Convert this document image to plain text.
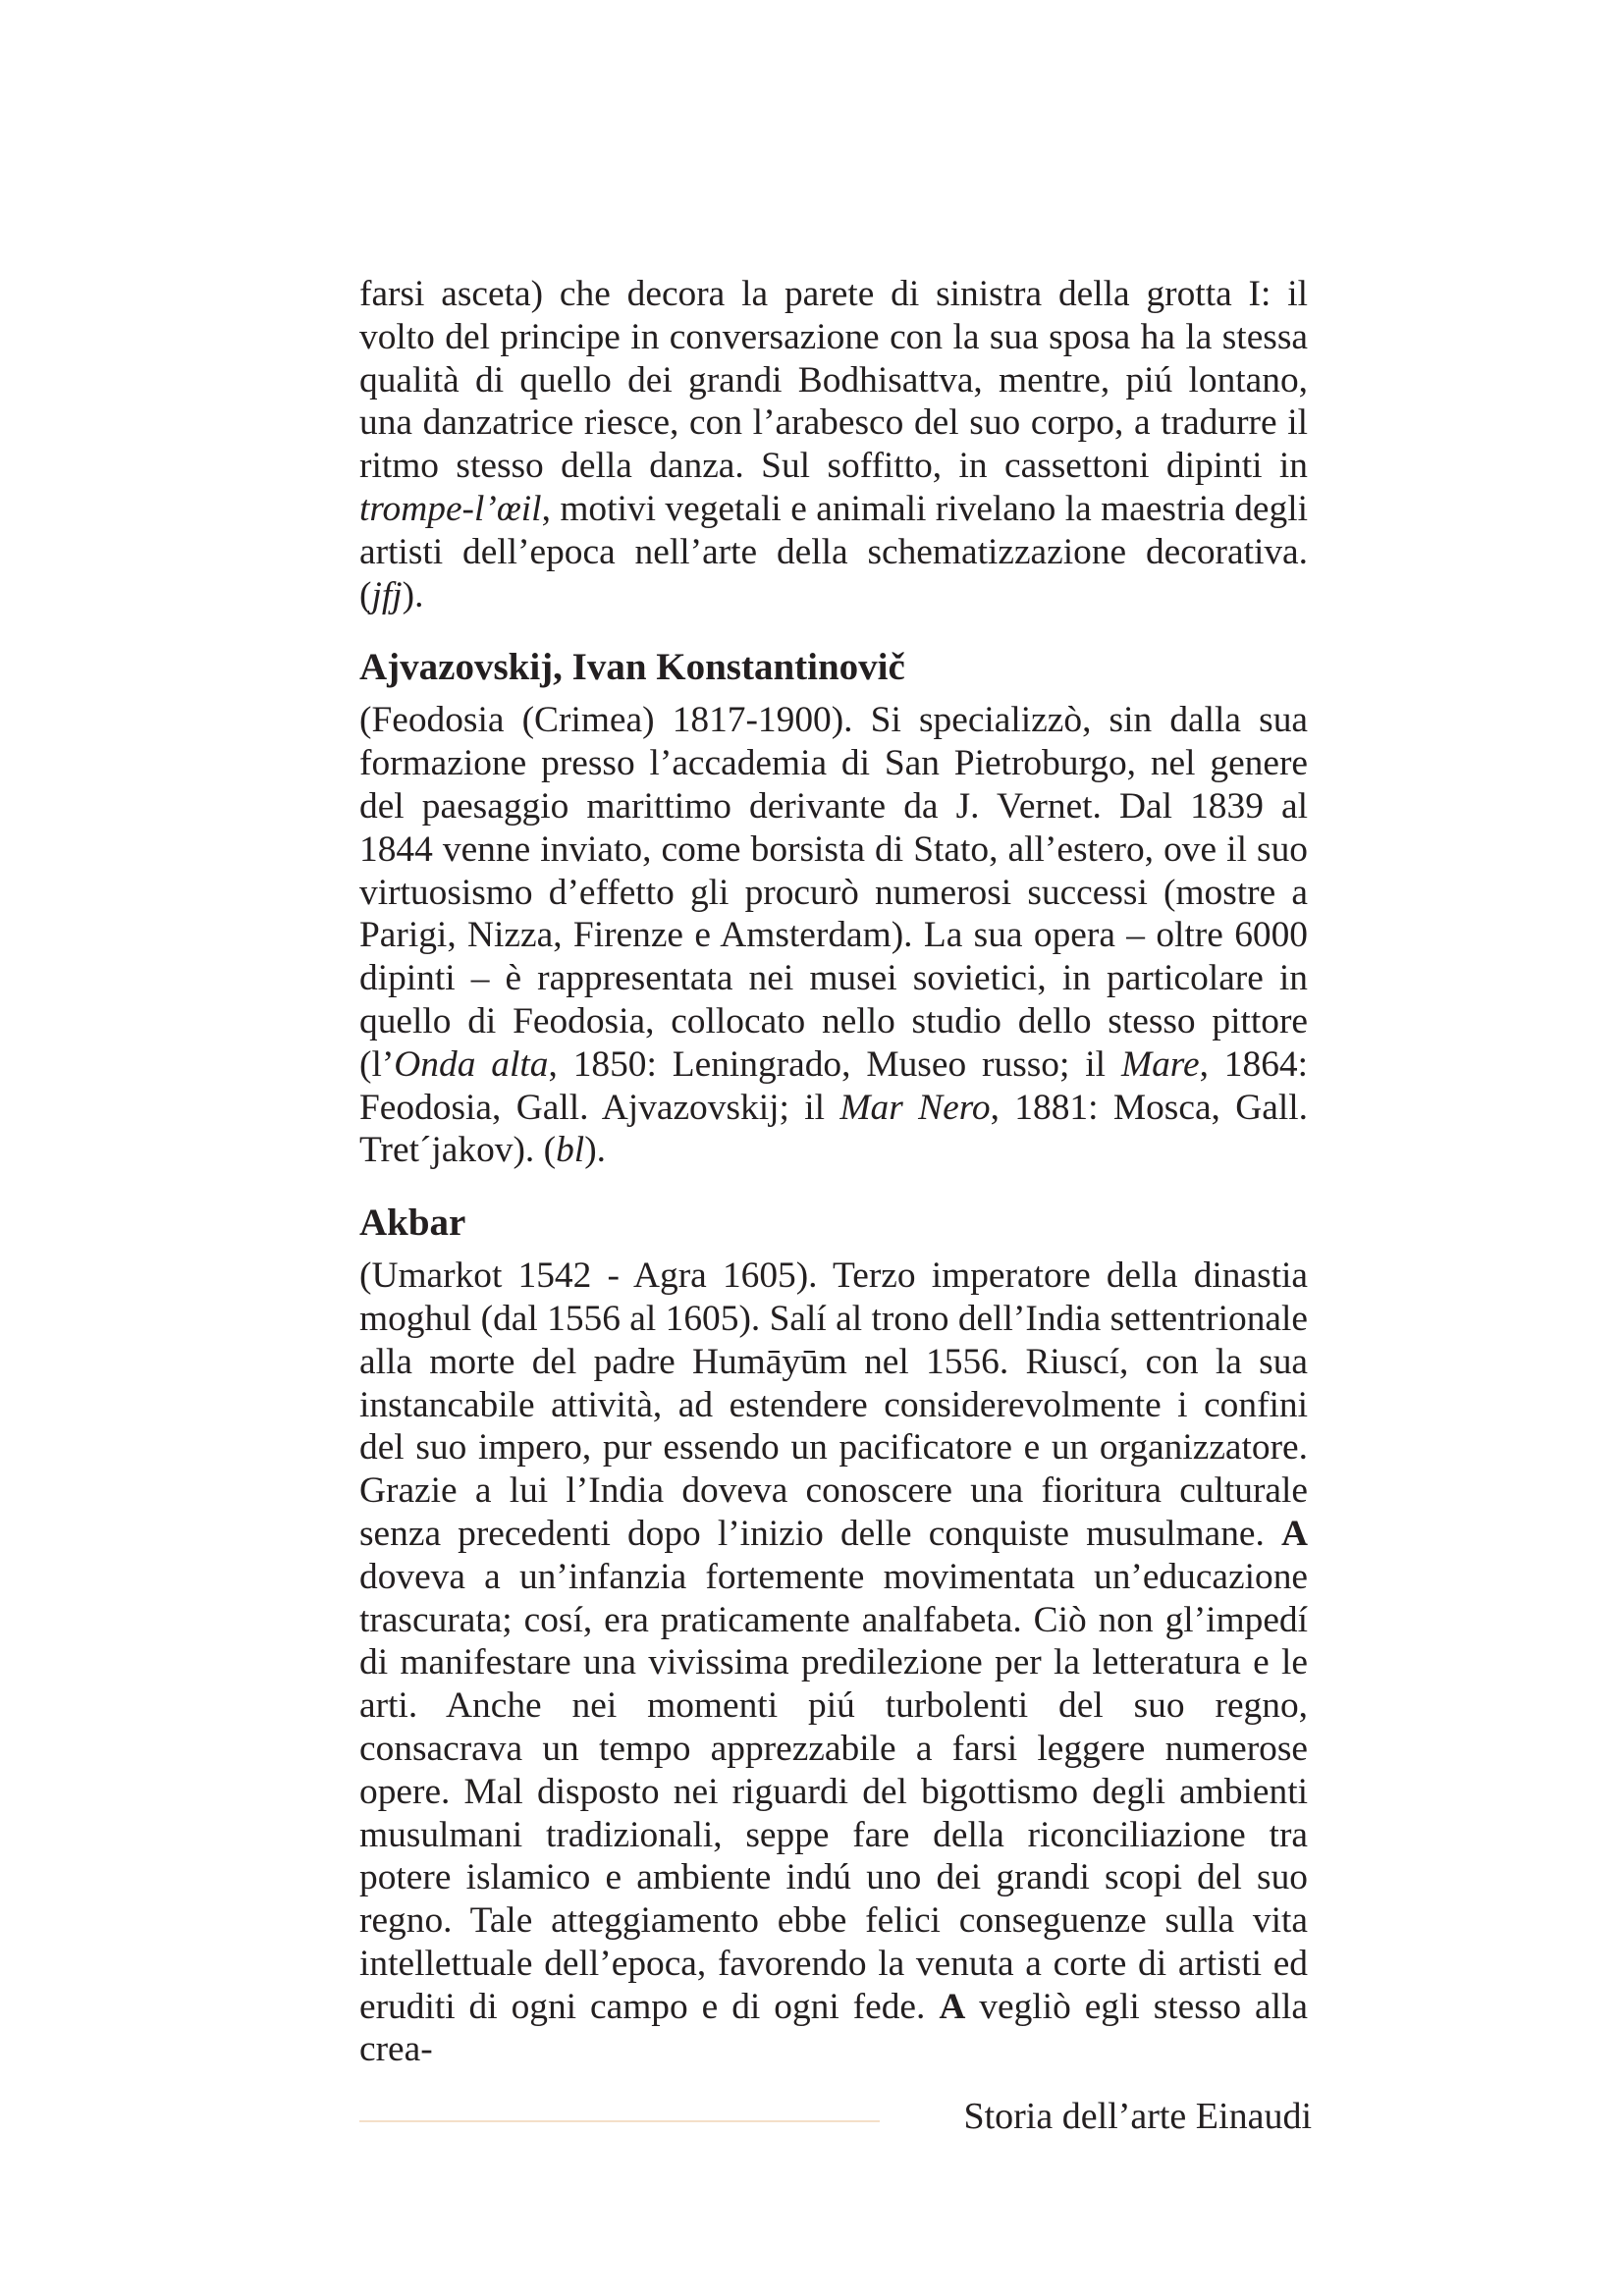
farsi asceta) che decora la parete di sinistra della grotta I: il volto del principe in conversazione con la sua sposa ha la stessa qualità di quello dei grandi Bodhisattva, mentre, piú lontano, una danzatrice riesce, con l’arabesco del suo corpo, a tradurre il ritmo stesso della danza. Sul soffitto, in cassettoni dipinti in trompe-l’œil, motivi vegetali e animali rivelano la maestria degli artisti dell’epoca nell’arte della schematizzazione decorativa. (jfj).

Ajvazovskij, Ivan Konstantinovič

(Feodosia (Crimea) 1817-1900). Si specializzò, sin dalla sua formazione presso l’accademia di San Pietroburgo, nel genere del paesaggio marittimo derivante da J. Vernet. Dal 1839 al 1844 venne inviato, come borsista di Stato, all’estero, ove il suo virtuosismo d’effetto gli procurò numerosi successi (mostre a Parigi, Nizza, Firenze e Amsterdam). La sua opera – oltre 6000 dipinti – è rappresentata nei musei sovietici, in particolare in quello di Feodosia, collocato nello studio dello stesso pittore (l’Onda alta, 1850: Leningrado, Museo russo; il Mare, 1864: Feodosia, Gall. Ajvazovskij; il Mar Nero, 1881: Mosca, Gall. Tret´jakov). (bl).

Akbar

(Umarkot 1542 - Agra 1605). Terzo imperatore della dinastia moghul (dal 1556 al 1605). Salí al trono dell’India settentrionale alla morte del padre Humāyūm nel 1556. Riuscí, con la sua instancabile attività, ad estendere considerevolmente i confini del suo impero, pur essendo un pacificatore e un organizzatore. Grazie a lui l’India doveva conoscere una fioritura culturale senza precedenti dopo l’inizio delle conquiste musulmane. A doveva a un’infanzia fortemente movimentata un’educazione trascurata; cosí, era praticamente analfabeta. Ciò non gl’impedí di manifestare una vivissima predilezione per la letteratura e le arti. Anche nei momenti piú turbolenti del suo regno, consacrava un tempo apprezzabile a farsi leggere numerose opere. Mal disposto nei riguardi del bigottismo degli ambienti musulmani tradizionali, seppe fare della riconciliazione tra potere islamico e ambiente indú uno dei grandi scopi del suo regno. Tale atteggiamento ebbe felici conseguenze sulla vita intellettuale dell’epoca, favorendo la venuta a corte di artisti ed eruditi di ogni campo e di ogni fede. A vegliò egli stesso alla crea-

Storia dell’arte Einaudi
